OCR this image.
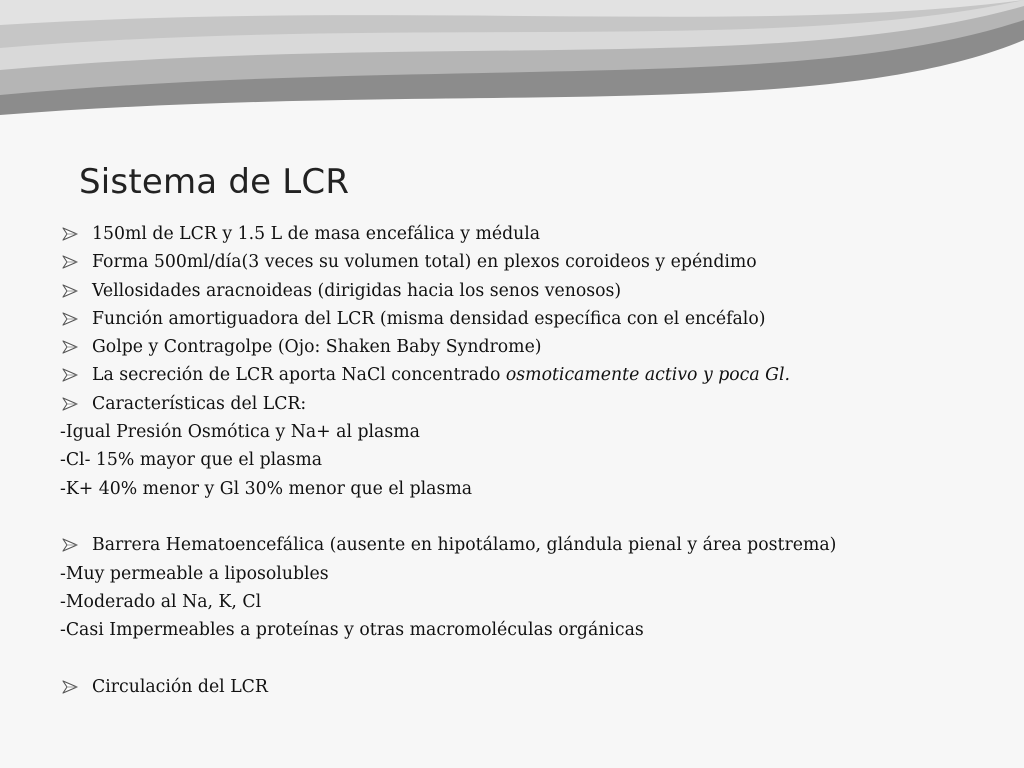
Sistema de LCR
150ml de LCR y 1.5 L de masa encefálica y médula
Forma 500ml/día(3 veces su volumen total) en plexos coroideos y epéndimo
Vellosidades aracnoideas (dirigidas hacia los senos venosos)
Función amortiguadora del LCR (misma densidad específica con el encéfalo)
Golpe y Contragolpe (Ojo: Shaken Baby Syndrome)
La secreción de LCR aporta NaCl concentrado osmoticamente activo y poca Gl.
Características del LCR:
-Igual Presión Osmótica y Na+ al plasma
-Cl- 15% mayor que el plasma
-K+ 40% menor y Gl 30% menor que el plasma
Barrera Hematoencefálica (ausente en hipotálamo, glándula pienal y área postrema)
-Muy permeable a liposolubles
-Moderado al Na, K, Cl
-Casi Impermeables a proteínas y otras macromoléculas orgánicas
Circulación del LCR
